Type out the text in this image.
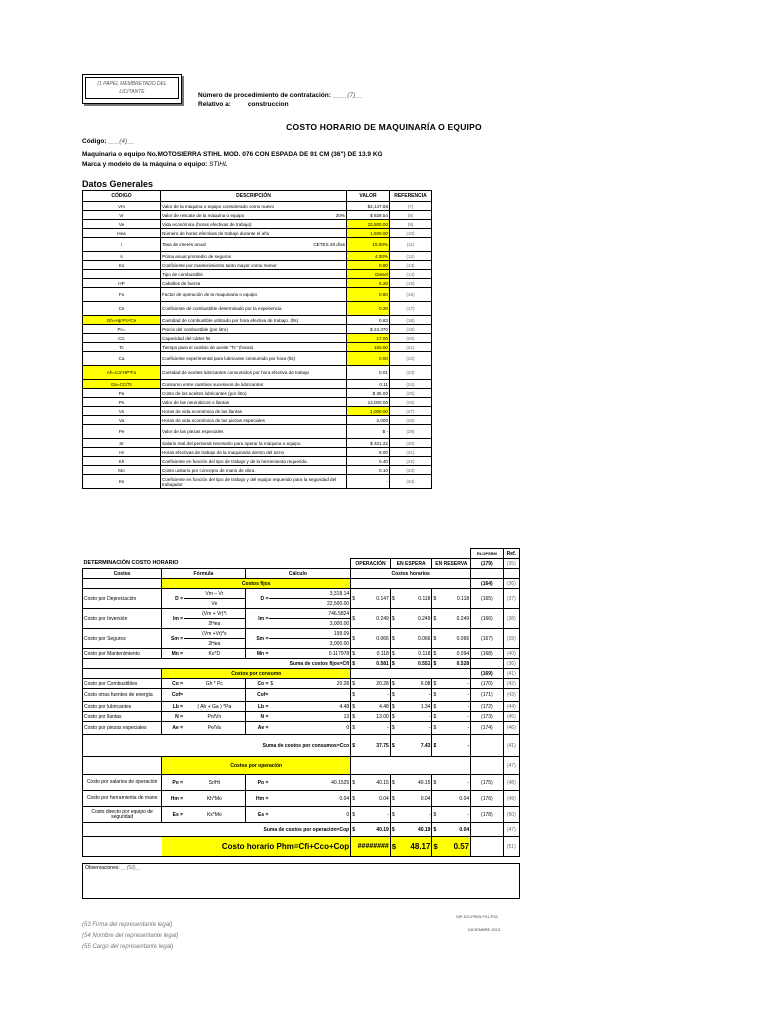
(1 PAPEL MEMBRETADO DEL LICITANTE	Número de procedimiento de contratación: ____(7)__
Relativo a:	construccion
COSTO HORARIO DE MAQUINARÍA O EQUIPO
Código: ___(4)__
Maquinaria o equipo No.MOTOSIERRA STIHL MOD. 076 CON ESPADA DE 91 CM (36") DE 13.9 KG
Marca y modelo de la máquina o equipo: STIHL
Datos Generales
CÓDIGO	DESCRIPCIÓN	VALOR	REFERENCIA
Vm	Valor de la máquina o equipo considerado como nuevo	$4,147.68	(7)
Vr	Valor de rescate de la máquina o equipo 20%	$ 829.54	(8)
Ve	Vida económica (horas efectivas de trabajo)	22,500.00	(9)
Hea	Número de horas efectivas de trabajo durante el año	1,500.00	(10)
i	Tasa de interés anual CETES 28 días	15.00%	(11)
s	Prima anual promedio de seguros	4.00%	(12)
Ko	Coeficiente por mantenimiento tanto mayor como menor	0.80	(13)
	Tipo de combustible	Diesel	(14)
HP	Caballos de fuerza	5.20	(15)
Fo	Factor de operación de la maquinaria o equipo	0.80	(16)
Ce	Coeficiente de combustible determinado por la experiencia	0.20	(17)
Gh=Hp*Fo*Ce	Cantidad de combustible utilizado por hora efectiva de trabajo. (lts)	0.83	(18)
Pc=	Precio del combustible (por litro)	$ 24.370	(19)
CC	Capacidad del cárter lts	17.00	(20)
Tc	Tiempo para el cambio de aceite "Tc" (horas)	150.00	(21)
Ca	Coeficiente experimental para lubricante consumido por hora (lts)	0.00	(22)
Ah=Ca*HP*Fo	Cantidad de aceites lubricantes consumidos por hora efectiva de trabajo	0.01	(23)
Ga=CC/Tc	Consumo entre cambios sucesivos de lubricantes	0.11	(24)
Pa	Costo de los aceites lubricantes (por litro)	$ 35.00	(25)
Pn	Valor de las neumáticos o llantas	13,000.00	(26)
Vn	Horas de vida económica de las llantas	1,000.00	(27)
Va	Horas de vida económica de las piezas especiales	2,000	(28)
Pe	Valor de las piezas especiales	$ -	(29)
Sr	Salario real del personal necesario para operar la máquina o equipo	$ 321.22	(30)
Ht	Horas efectivas de trabajo de la maquinaria dentro del turno	8.00	(31)
Kh	Coeficiente en función del tipo de trabajo y de la herramienta requerida.	0.40	(32)
Mo	Costo unitario por concepto de mano de obra.	0.10	(33)
Ks	Coeficiente en función del tipo de trabajo y del equipo requerido para la seguridad del trabajador	-	(34)
											RLOPSRM	Ref.
DETERMINACIÓN COSTO HORARIO					OPERACIÓN		EN ESPERA		EN RESERVA		(179)	(35)
Costos	Fórmula		Cálculo		Costos horarios							
	Costos fijos										(164)	(36)
Costo por Depreciación	D =	Vm – Vr	D =	3,318.14	$	0.147	$	0.118	$	0.118	(165)	(37)
		Ve		22,500.00								
Costo por Inversión	Im =	(Vm + Vr)*i	Im =	746.5824	$	0.249	$	0.249	$	0.249	(166)	(38)
		2Hea		3,000.00								
Costo por Seguros	Sm =	(Vm +Vr)*s	Sm =	199.09	$	0.066	$	0.066	$	0.066	(167)	(39)
		2Hea		3,000.00								
Costo por Mantenimiento	Mn =	Ko*D	Mn =	0.117978	$	0.118	$	0.118	$	0.094	(168)	(40)
Suma de costos fijos=Cfi					$	0.581	$	0.551	$	0.528		(36)
	Costos por consumo										(169)	(41)
Costo por Combustibles	Co =	Gh * Pc	Co =	$ 20.28	$	20.28	$	6.08	$	-	(170)	(42)
Costo otras fuentes de energía	Cof=		Cof=		$	-	$	-	$	-	(171)	(43)
Costo por lubricantes	Lb =	( Ah + Ga ) *Pa	Lb =	4.48	$	4.48	$	1.34	$	-	(172)	(44)
Costo por llantas	N =	Pn/Vn	N =	13	$	13.00	$	-	$	-	(173)	(45)
Costo por piezas especiales	Ae =	Pe/Va	Ae =	0	$	-	$	-	$	-	(174)	(46)
Suma de costos por consumos=Cco					$	37.75	$	7.43	$	-		(41)
	Costos por operación											(47)
Costo por salarios de operación	Po =	Sr/Ht	Po =	40.1525	$	40.15	$	40.15	$	-	(175)	(48)
Costo por herramienta de mano	Hm =	Kh*Mo	Hm =	0.04	$	0.04	$	0.04		0.04	(176)	(49)
Costo directo por equipo de seguridad	Es =	Ks*Mo	Es =	0	$	-	$	-	$	-	(178)	(50)
Suma de costos por operación=Cop					$	40.19	$	40.19	$	0.04		(47)
	Costo horario Phm=Cfi+Cco+Cop				########		$	48.17	$	0.57		(51)
Observaciones: __(52)__
SIP-DO-PR03-F01-P32
DICIEMBRE 2013
(53 Firma del representante legal)
(54 Nombre del representante legal)
(55 Cargo del representante legal)
